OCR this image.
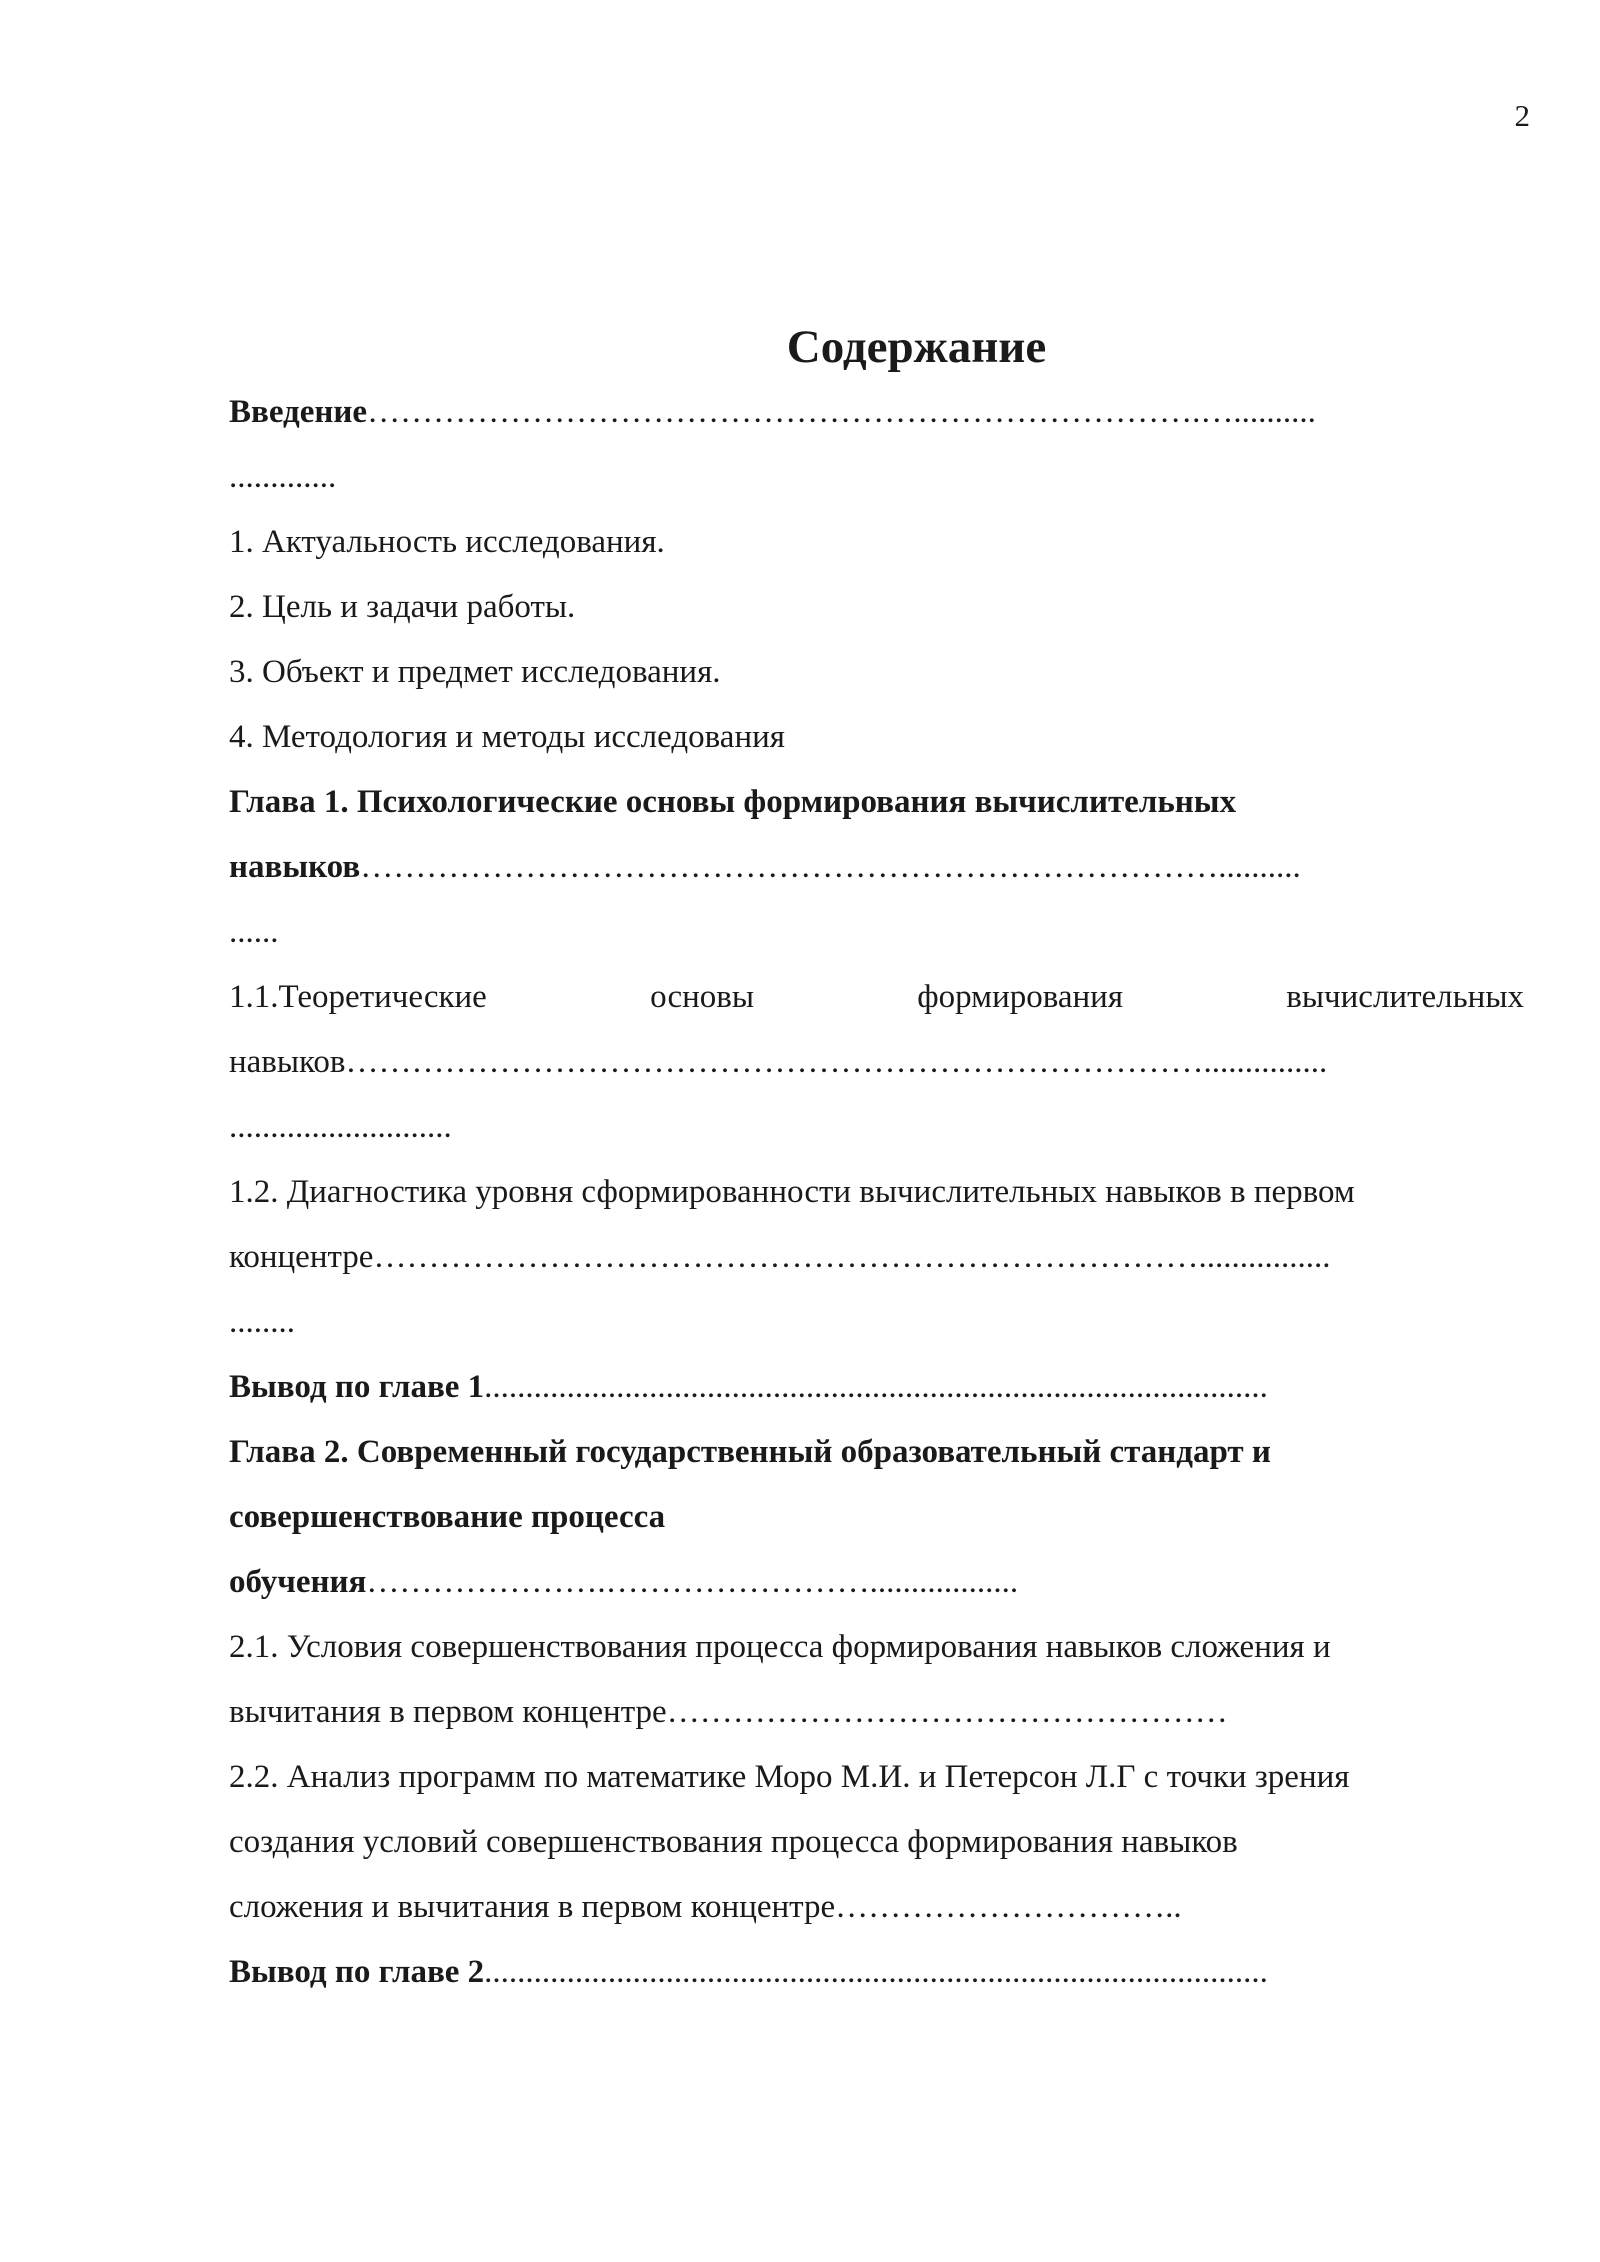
2
Содержание
Введение………………………………………………………………….…..........
.............
1. Актуальность исследования.
2. Цель и задачи работы.
3. Объект и предмет исследования.
4. Методология и методы исследования
Глава 1. Психологические основы формирования вычислительных
навыков……………………………………………………………………..........
......
1.1.Теоретические	основы	формирования	вычислительных
навыков……………………………………………………………………...............
...........................
1.2. Диагностика уровня сформированности вычислительных навыков в первом
концентре…………………………………………………………………................
........
Вывод по главе 1...............................................................................................
Глава 2. Современный государственный образовательный стандарт и
совершенствование процесса
обучения………………….……………………..................
2.1. Условия совершенствования процесса формирования навыков сложения и
вычитания в первом концентре……………………………………………
2.2. Анализ программ по математике Моро М.И. и Петерсон Л.Г с точки зрения
создания условий совершенствования процесса формирования навыков
сложения и вычитания в первом концентре…………………………..
Вывод по главе 2...............................................................................................
